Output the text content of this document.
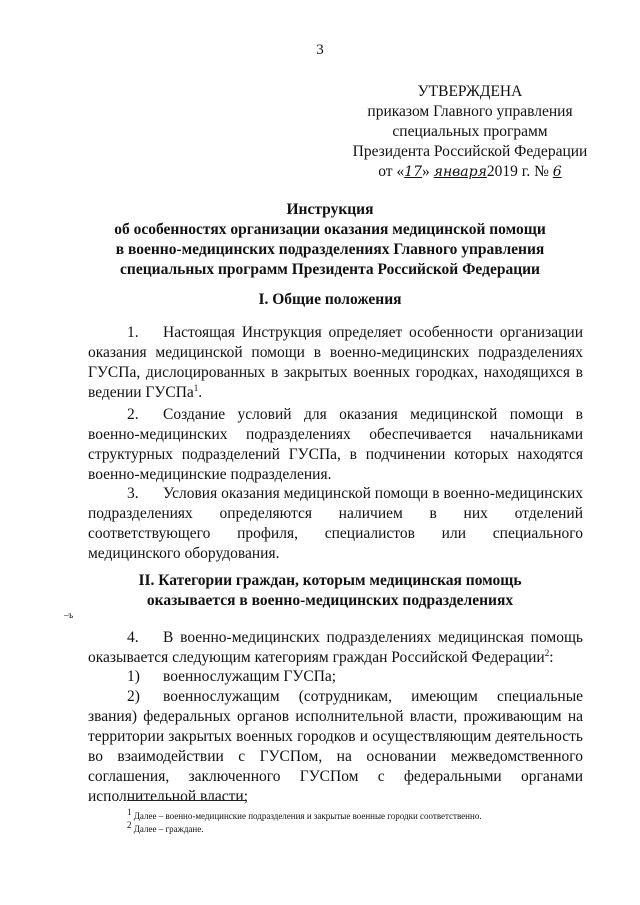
3
УТВЕРЖДЕНА
приказом Главного управления
специальных программ
Президента Российской Федерации
от «17» января2019 г. № 6
Инструкция
об особенностях организации оказания медицинской помощи
в военно-медицинских подразделениях Главного управления
специальных программ Президента Российской Федерации
I. Общие положения
1. Настоящая Инструкция определяет особенности организации оказания медицинской помощи в военно-медицинских подразделениях ГУСПа, дислоцированных в закрытых военных городках, находящихся в ведении ГУСПа$^1$.
2. Создание условий для оказания медицинской помощи в военно-медицинских подразделениях обеспечивается начальниками структурных подразделений ГУСПа, в подчинении которых находятся военно-медицинские подразделения.
3. Условия оказания медицинской помощи в военно-медицинских подразделениях определяются наличием в них отделений соответствующего профиля, специалистов или специального медицинского оборудования.
II. Категории граждан, которым медицинская помощь
оказывается в военно-медицинских подразделениях
–ъ
4. В военно-медицинских подразделениях медицинская помощь оказывается следующим категориям граждан Российской Федерации$^2$:
1) военнослужащим ГУСПа;
2) военнослужащим (сотрудникам, имеющим специальные звания) федеральных органов исполнительной власти, проживающим на территории закрытых военных городков и осуществляющим деятельность во взаимодействии с ГУСПом, на основании межведомственного соглашения, заключенного ГУСПом с федеральными органами исполнительной власти;
$^1$ Далее – военно-медицинские подразделения и закрытые военные городки соответственно.
$^2$ Далее – граждане.
